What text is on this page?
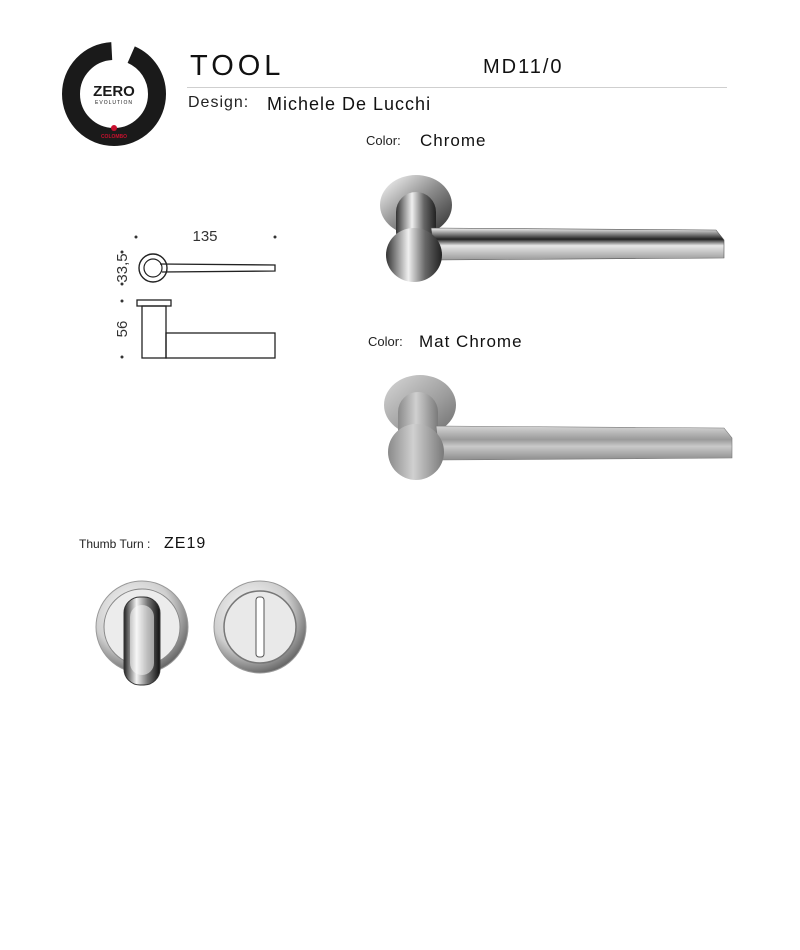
ZERO
EVOLUTION
COLOMBO
TOOL	MD11/0
Design: Michele De Lucchi
Color: Chrome
Color: Mat Chrome
135
33,5
56
Thumb Turn : ZE19
